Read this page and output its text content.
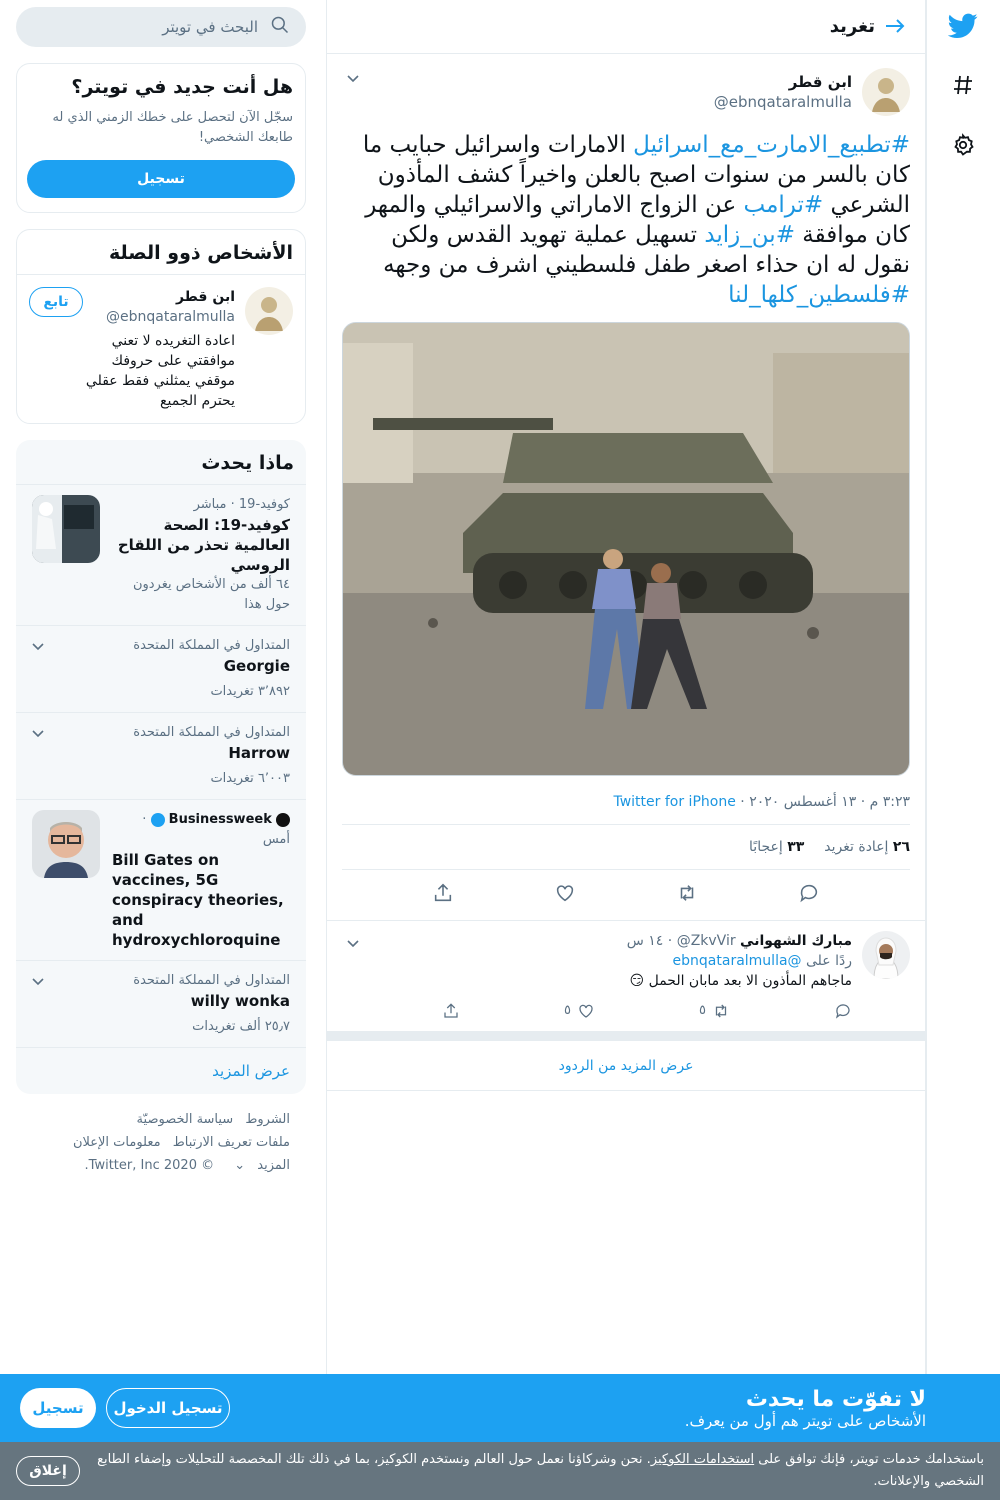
تغريد
ابن قطر
@ebnqataralmulla
#تطبيع_الامارت_مع_اسرائيل الامارات واسرائيل حبايب ما كان بالسر من سنوات اصبح بالعلن واخيراً كشف المأذون الشرعي #ترامب عن الزواج الاماراتي والاسرائيلي والمهر كان موافقة #بن_زايد تسهيل عملية تهويد القدس ولكن نقول له ان حذاء اصغر طفل فلسطيني اشرف من وجهه #فلسطين_كلها_لنا
٣:٢٣ م · ١٣ أغسطس ٢٠٢٠ · Twitter for iPhone
٢٦ إعادة تغريد
٣٣ إعجابًا
مبارك الشهواني @ZkvVir · ١٤ س
ردًا على @ebnqataralmulla
ماجاهم المأذون الا بعد مابان الحمل 😏
٥
٥
عرض المزيد من الردود
البحث في تويتر
هل أنت جديد في تويتر؟
سجّل الآن لتحصل على خطك الزمني الذي له طابعك الشخصي!
تسجيل
الأشخاص ذوو الصلة
ابن قطر
@ebnqataralmulla
اعادة التغريده لا تعني موافقتي على حروفك موقفي يمثلني فقط عقلي يحترم الجميع
تابع
ماذا يحدث
كوفيد-19 · مباشر
كوفيد-19: الصحة العالمية تحذر من اللقاح الروسي
٦٤ ألف من الأشخاص يغردون حول هذا
المتداول في المملكة المتحدة
Georgie
٣٬٨٩٢ تغريدات
المتداول في المملكة المتحدة
Harrow
٦٬٠٠٣ تغريدات
Businessweek  · أمس
Bill Gates on vaccines, 5G conspiracy theories, and hydroxychloroquine
المتداول في المملكة المتحدة
willy wonka
٢٥٫٧ ألف تغريدات
عرض المزيد
الشروط سياسة الخصوصيّة
ملفات تعريف الارتباط معلومات الإعلان
المزيد ⌄ © 2020 Twitter, Inc.
لا تفوّت ما يحدث
الأشخاص على تويتر هم أول من يعرف.
تسجيل الدخول
تسجيل
باستخدامك خدمات تويتر، فإنك توافق على استخدامات الكوكيز. نحن وشركاؤنا نعمل حول العالم ونستخدم الكوكيز، بما في ذلك تلك المخصصة للتحليلات وإضفاء الطابع الشخصي والإعلانات.
إغلاق
